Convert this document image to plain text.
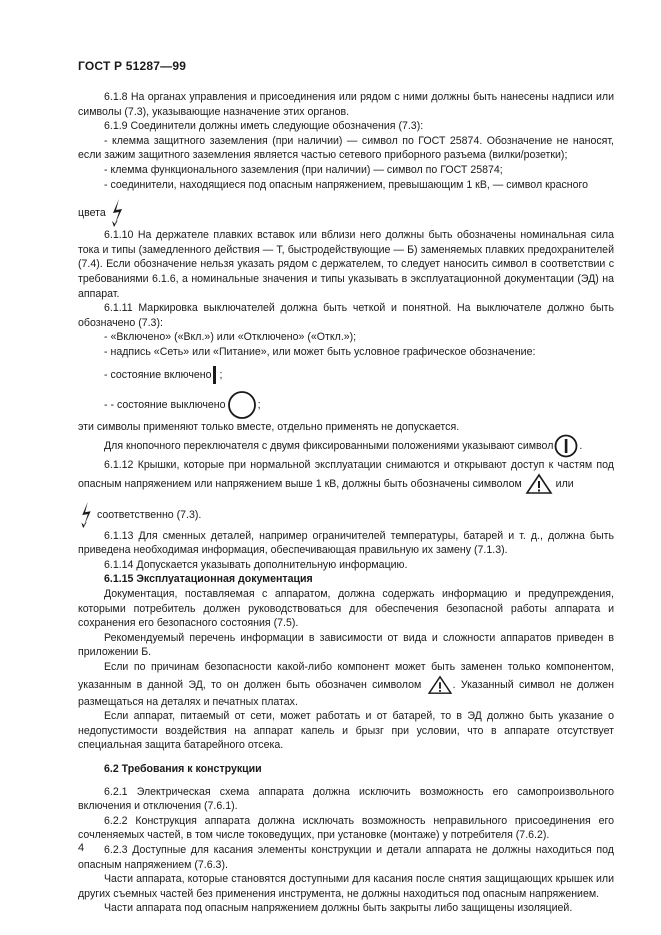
ГОСТ Р 51287—99

6.1.8 На органах управления и присоединения или рядом с ними должны быть нанесены надписи или символы (7.3), указывающие назначение этих органов.

6.1.9 Соединители должны иметь следующие обозначения (7.3):

- клемма защитного заземления (при наличии) — символ по ГОСТ 25874. Обозначение не наносят, если зажим защитного заземления является частью сетевого приборного разъема (вилки/розетки);

- клемма функционального заземления (при наличии) — символ по ГОСТ 25874;

- соединители, находящиеся под опасным напряжением, превышающим 1 кВ, — символ красного

цвета

6.1.10 На держателе плавких вставок или вблизи него должны быть обозначены номинальная сила тока и типы (замедленного действия — Т, быстродействующие — Б) заменяемых плавких предохранителей (7.4). Если обозначение нельзя указать рядом с держателем, то следует наносить символ в соответствии с требованиями 6.1.6, а номинальные значения и типы указывать в эксплуатационной документации (ЭД) на аппарат.

6.1.11 Маркировка выключателей должна быть четкой и понятной. На выключателе должно быть обозначено (7.3):

- «Включено» («Вкл.») или «Отключено» («Откл.»);

- надпись «Сеть» или «Питание», или может быть условное графическое обозначение:

- состояние включено ;

- - состояние выключено	;

эти символы применяют только вместе, отдельно применять не допускается.

Для кнопочного переключателя с двумя фиксированными положениями указывают символ .

6.1.12 Крышки, которые при нормальной эксплуатации снимаются и открывают доступ к частям под опасным напряжением или напряжением выше 1 кВ, должны быть обозначены символом	или

соответственно (7.3).

6.1.13 Для сменных деталей, например ограничителей температуры, батарей и т. д., должна быть приведена необходимая информация, обеспечивающая правильную их замену (7.1.3).

6.1.14 Допускается указывать дополнительную информацию.

6.1.15 Эксплуатационная документация

Документация, поставляемая с аппаратом, должна содержать информацию и предупреждения, которыми потребитель должен руководствоваться для обеспечения безопасной работы аппарата и сохранения его безопасного состояния (7.5).

Рекомендуемый перечень информации в зависимости от вида и сложности аппаратов приведен в приложении Б.

Если по причинам безопасности какой-либо компонент может быть заменен только компонентом, указанным в данной ЭД, то он должен быть обозначен символом	. Указанный символ не должен размещаться на деталях и печатных платах.

Если аппарат, питаемый от сети, может работать и от батарей, то в ЭД должно быть указание о недопустимости воздействия на аппарат капель и брызг при условии, что в аппарате отсутствует специальная защита батарейного отсека.

6.2 Требования к конструкции

6.2.1 Электрическая схема аппарата должна исключить возможность его самопроизвольного включения и отключения (7.6.1).

6.2.2 Конструкция аппарата должна исключать возможность неправильного присоединения его сочленяемых частей, в том числе токоведущих, при установке (монтаже) у потребителя (7.6.2).

6.2.3 Доступные для касания элементы конструкции и детали аппарата не должны находиться под опасным напряжением (7.6.3).

Части аппарата, которые становятся доступными для касания после снятия защищающих крышек или других съемных частей без применения инструмента, не должны находиться под опасным напряжением.

Части аппарата под опасным напряжением должны быть закрыты либо защищены изоляцией.

4
